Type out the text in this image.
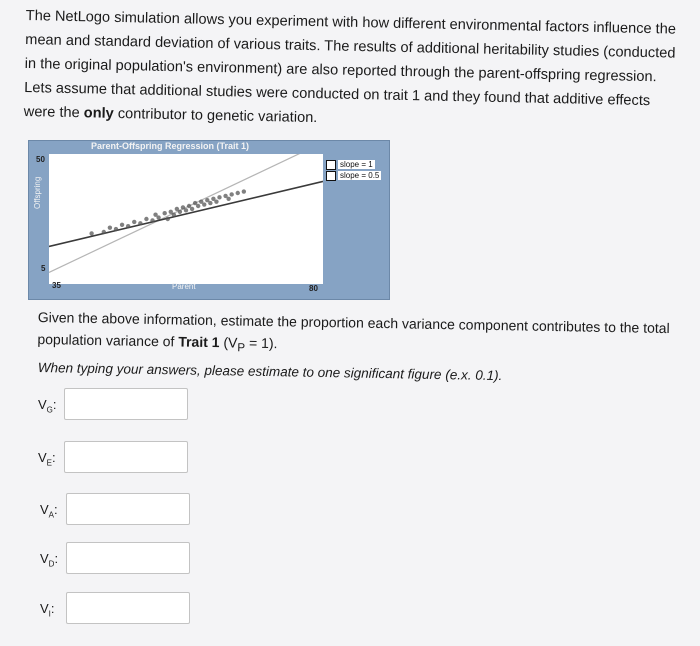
The NetLogo simulation allows you experiment with how different environmental factors influence the mean and standard deviation of various traits. The results of additional heritability studies (conducted in the original population's environment) are also reported through the parent-offspring regression. Lets assume that additional studies were conducted on trait 1 and they found that additive effects were the only contributor to genetic variation.
Parent-Offspring Regression (Trait 1)
50
5
35	80
Offspring
Parent
slope = 1
slope = 0.5
Given the above information, estimate the proportion each variance component contributes to the total population variance of Trait 1 $(V_P = 1)$.
When typing your answers, please estimate to one significant figure (e.x. 0.1).
$V_G$:
$V_E$:
$V_A$:
$V_D$:
$V_I$:
